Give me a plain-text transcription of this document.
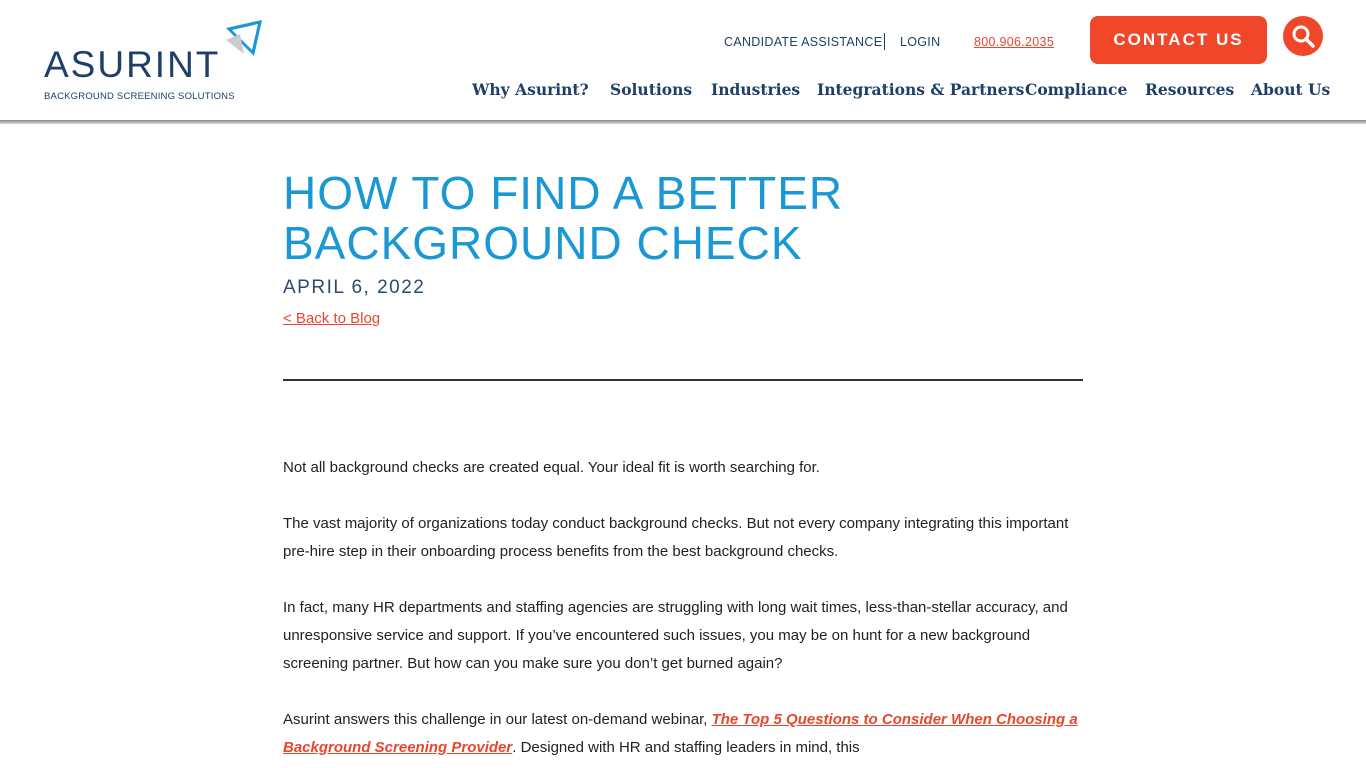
ASURINT
BACKGROUND SCREENING SOLUTIONS
CANDIDATE ASSISTANCE LOGIN	800.906.2035	CONTACT US
Why Asurint? Solutions Industries Integrations & Partners Compliance Resources About Us
HOW TO FIND A BETTER BACKGROUND CHECK
APRIL 6, 2022
< Back to Blog

Not all background checks are created equal. Your ideal fit is worth searching for.

The vast majority of organizations today conduct background checks. But not every company integrating this important pre-hire step in their onboarding process benefits from the best background checks.

In fact, many HR departments and staffing agencies are struggling with long wait times, less-than-stellar accuracy, and unresponsive service and support. If you’ve encountered such issues, you may be on hunt for a new background screening partner. But how can you make sure you don’t get burned again?

Asurint answers this challenge in our latest on-demand webinar, The Top 5 Questions to Consider When Choosing a Background Screening Provider. Designed with HR and staffing leaders in mind, this
